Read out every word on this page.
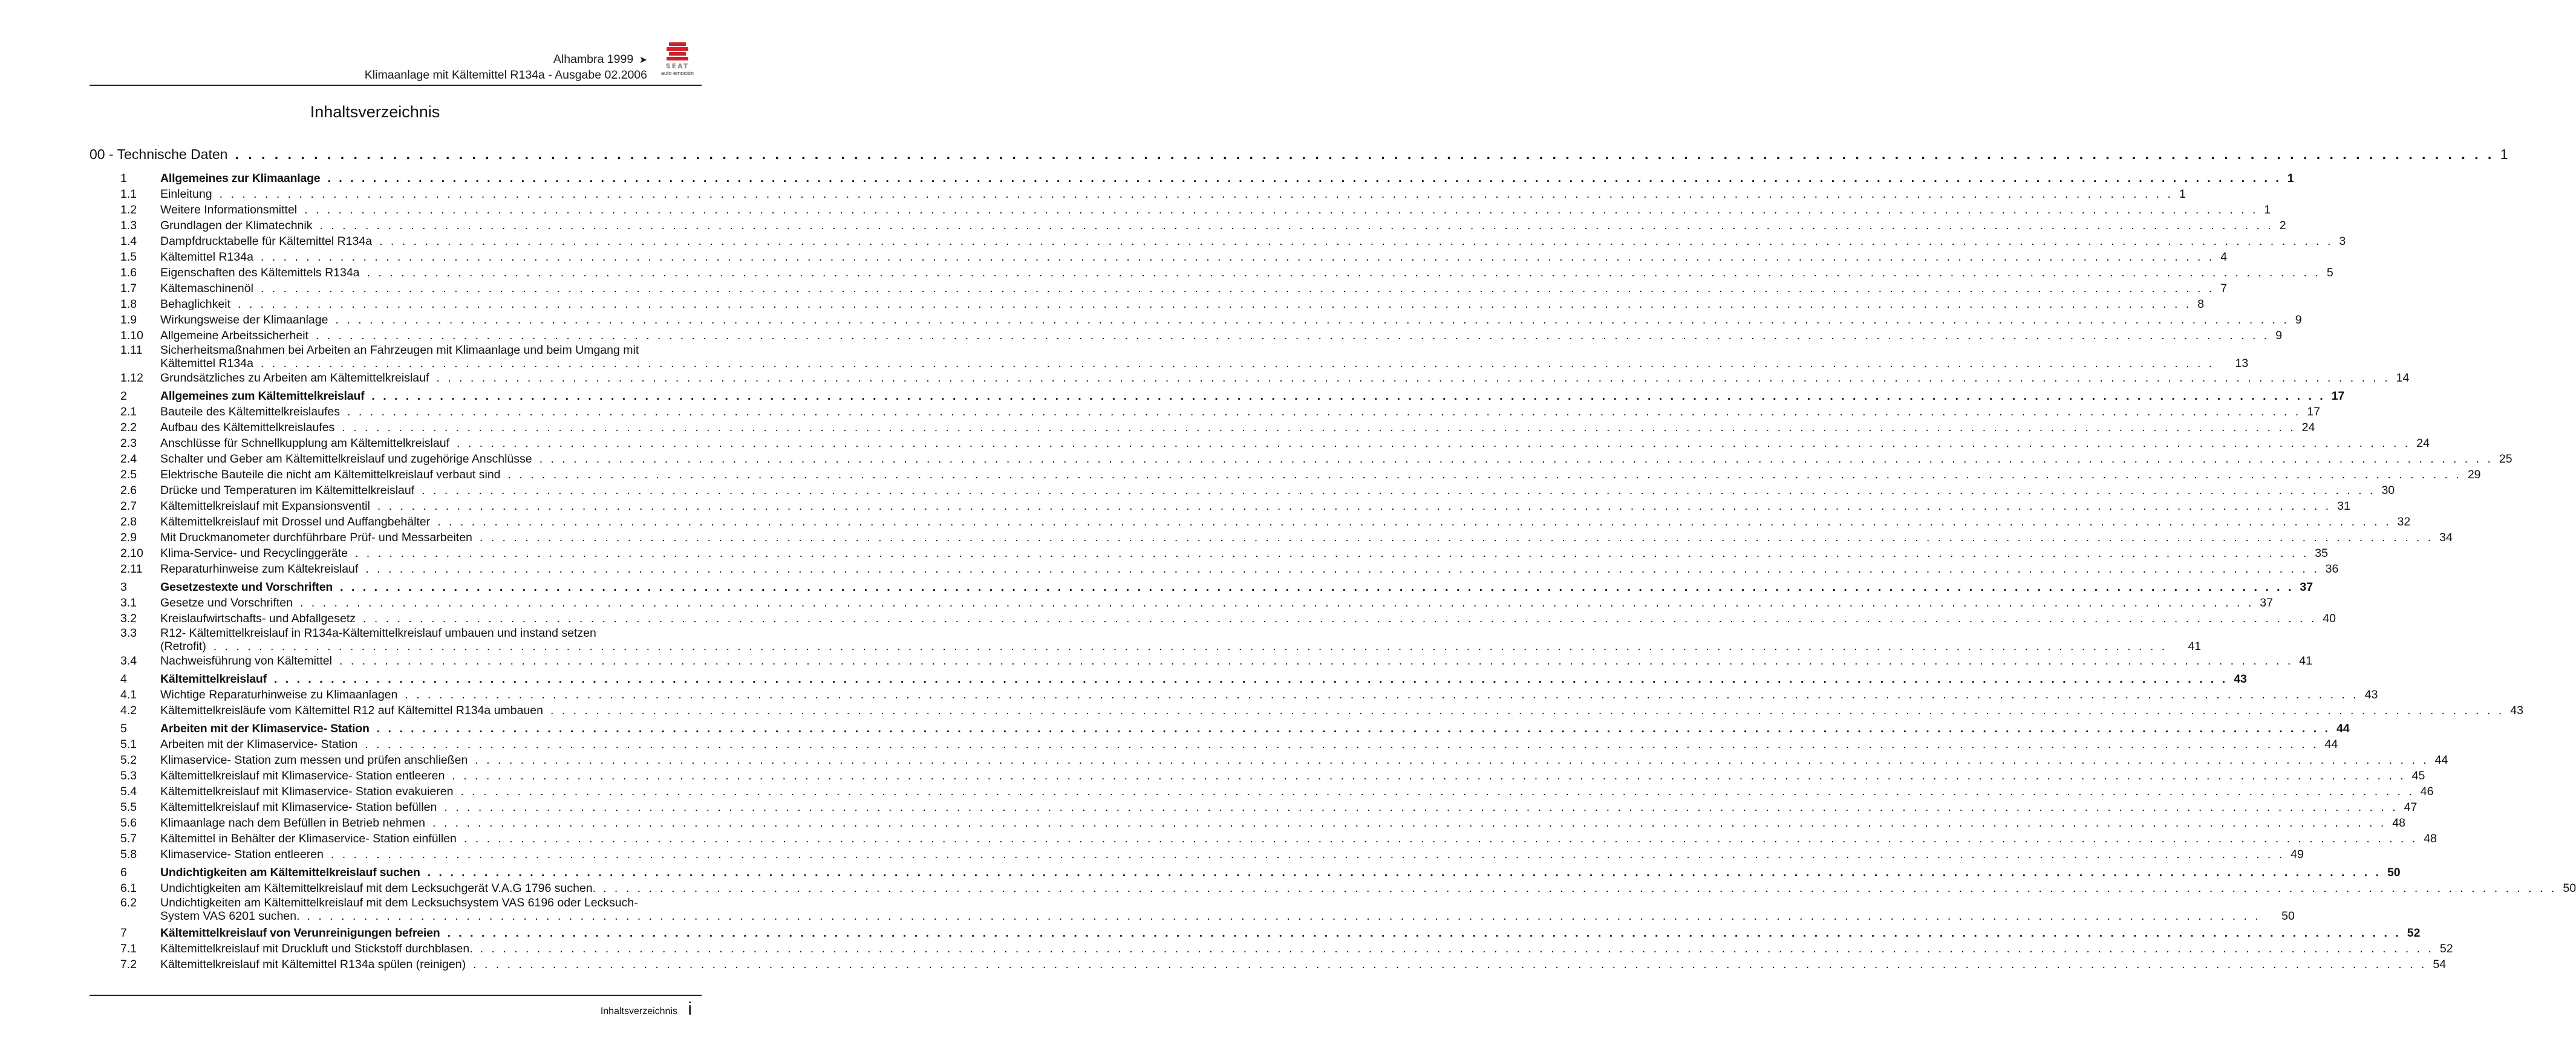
Alhambra 1999 ➤
Klimaanlage mit Kältemittel R134a - Ausgabe 02.2006
SEAT
auto emoción
Inhaltsverzeichnis
00 - Technische Daten . . .	1
1	Allgemeines zur Klimaanlage . . .	1
1.1	Einleitung . . .	1
1.2	Weitere Informationsmittel . . .	1
1.3	Grundlagen der Klimatechnik . . .	2
1.4	Dampfdrucktabelle für Kältemittel R134a . . .	3
1.5	Kältemittel R134a . . .	4
1.6	Eigenschaften des Kältemittels R134a . . .	5
1.7	Kältemaschinenöl . . .	7
1.8	Behaglichkeit . . .	8
1.9	Wirkungsweise der Klimaanlage . . .	9
1.10	Allgemeine Arbeitssicherheit . . .	9
1.11	Sicherheitsmaßnahmen bei Arbeiten an Fahrzeugen mit Klimaanlage und beim Umgang mit
Kältemittel R134a . . .	13
1.12	Grundsätzliches zu Arbeiten am Kältemittelkreislauf . . .	14
2	Allgemeines zum Kältemittelkreislauf . . .	17
2.1	Bauteile des Kältemittelkreislaufes . . .	17
2.2	Aufbau des Kältemittelkreislaufes . . .	24
2.3	Anschlüsse für Schnellkupplung am Kältemittelkreislauf . . .	24
2.4	Schalter und Geber am Kältemittelkreislauf und zugehörige Anschlüsse . . .	25
2.5	Elektrische Bauteile die nicht am Kältemittelkreislauf verbaut sind . . .	29
2.6	Drücke und Temperaturen im Kältemittelkreislauf . . .	30
2.7	Kältemittelkreislauf mit Expansionsventil . . .	31
2.8	Kältemittelkreislauf mit Drossel und Auffangbehälter . . .	32
2.9	Mit Druckmanometer durchführbare Prüf- und Messarbeiten . . .	34
2.10	Klima-Service- und Recyclinggeräte . . .	35
2.11	Reparaturhinweise zum Kältekreislauf . . .	36
3	Gesetzestexte und Vorschriften . . .	37
3.1	Gesetze und Vorschriften . . .	37
3.2	Kreislaufwirtschafts- und Abfallgesetz . . .	40
3.3	R12- Kältemittelkreislauf in R134a-Kältemittelkreislauf umbauen und instand setzen
(Retrofit) . . .	41
3.4	Nachweisführung von Kältemittel . . .	41
4	Kältemittelkreislauf . . .	43
4.1	Wichtige Reparaturhinweise zu Klimaanlagen . . .	43
4.2	Kältemittelkreisläufe vom Kältemittel R12 auf Kältemittel R134a umbauen . . .	43
5	Arbeiten mit der Klimaservice- Station . . .	44
5.1	Arbeiten mit der Klimaservice- Station . . .	44
5.2	Klimaservice- Station zum messen und prüfen anschließen . . .	44
5.3	Kältemittelkreislauf mit Klimaservice- Station entleeren . . .	45
5.4	Kältemittelkreislauf mit Klimaservice- Station evakuieren . . .	46
5.5	Kältemittelkreislauf mit Klimaservice- Station befüllen . . .	47
5.6	Klimaanlage nach dem Befüllen in Betrieb nehmen . . .	48
5.7	Kältemittel in Behälter der Klimaservice- Station einfüllen . . .	48
5.8	Klimaservice- Station entleeren . . .	49
6	Undichtigkeiten am Kältemittelkreislauf suchen . . .	50
6.1	Undichtigkeiten am Kältemittelkreislauf mit dem Lecksuchgerät V.A.G 1796 suchen. . . .	50
6.2	Undichtigkeiten am Kältemittelkreislauf mit dem Lecksuchsystem VAS 6196 oder Lecksuch-
System VAS 6201 suchen. . . .	50
7	Kältemittelkreislauf von Verunreinigungen befreien . . .	52
7.1	Kältemittelkreislauf mit Druckluft und Stickstoff durchblasen. . . .	52
7.2	Kältemittelkreislauf mit Kältemittel R134a spülen (reinigen) . . .	54
Inhaltsverzeichnis i
